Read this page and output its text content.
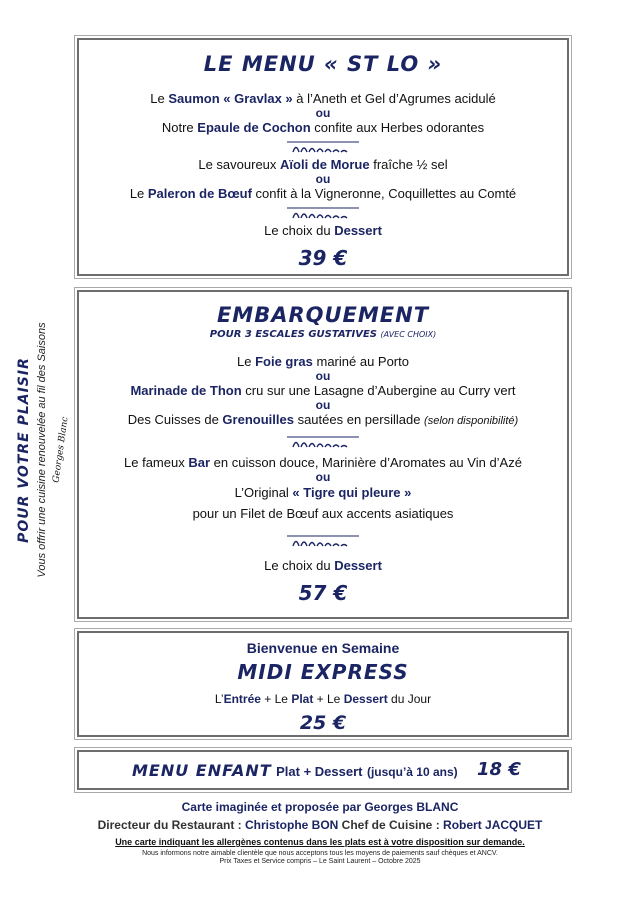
POUR VOTRE PLAISIR Vous offrir une cuisine renouvelée au fil des Saisons Georges Blanc
LE MENU « ST LO »
Le Saumon « Gravlax » à l’Aneth et Gel d’Agrumes acidulé
ou
Notre Epaule de Cochon confite aux Herbes odorantes
Le savoureux Aïoli de Morue fraîche ½ sel
ou
Le Paleron de Bœuf confit à la Vigneronne, Coquillettes au Comté
Le choix du Dessert
39 €
EMBARQUEMENT
POUR 3 ESCALES GUSTATIVES (AVEC CHOIX)
Le Foie gras mariné au Porto
ou
Marinade de Thon cru sur une Lasagne d’Aubergine au Curry vert
ou
Des Cuisses de Grenouilles sautées en persillade (selon disponibilité)
Le fameux Bar en cuisson douce, Marinière d’Aromates au Vin d’Azé
ou
L’Original « Tigre qui pleure »
pour un Filet de Bœuf aux accents asiatiques
Le choix du Dessert
57 €
Bienvenue en Semaine
MIDI EXPRESS
L’Entrée + Le Plat + Le Dessert du Jour
25 €
MENU ENFANT Plat + Dessert (jusqu’à 10 ans) 18 €
Carte imaginée et proposée par Georges BLANC
Directeur du Restaurant : Christophe BON Chef de Cuisine : Robert JACQUET
Une carte indiquant les allergènes contenus dans les plats est à votre disposition sur demande.
Nous informons notre aimable clientèle que nous acceptons tous les moyens de paiements sauf chèques et ANCV.
Prix Taxes et Service compris – Le Saint Laurent – Octobre 2025
